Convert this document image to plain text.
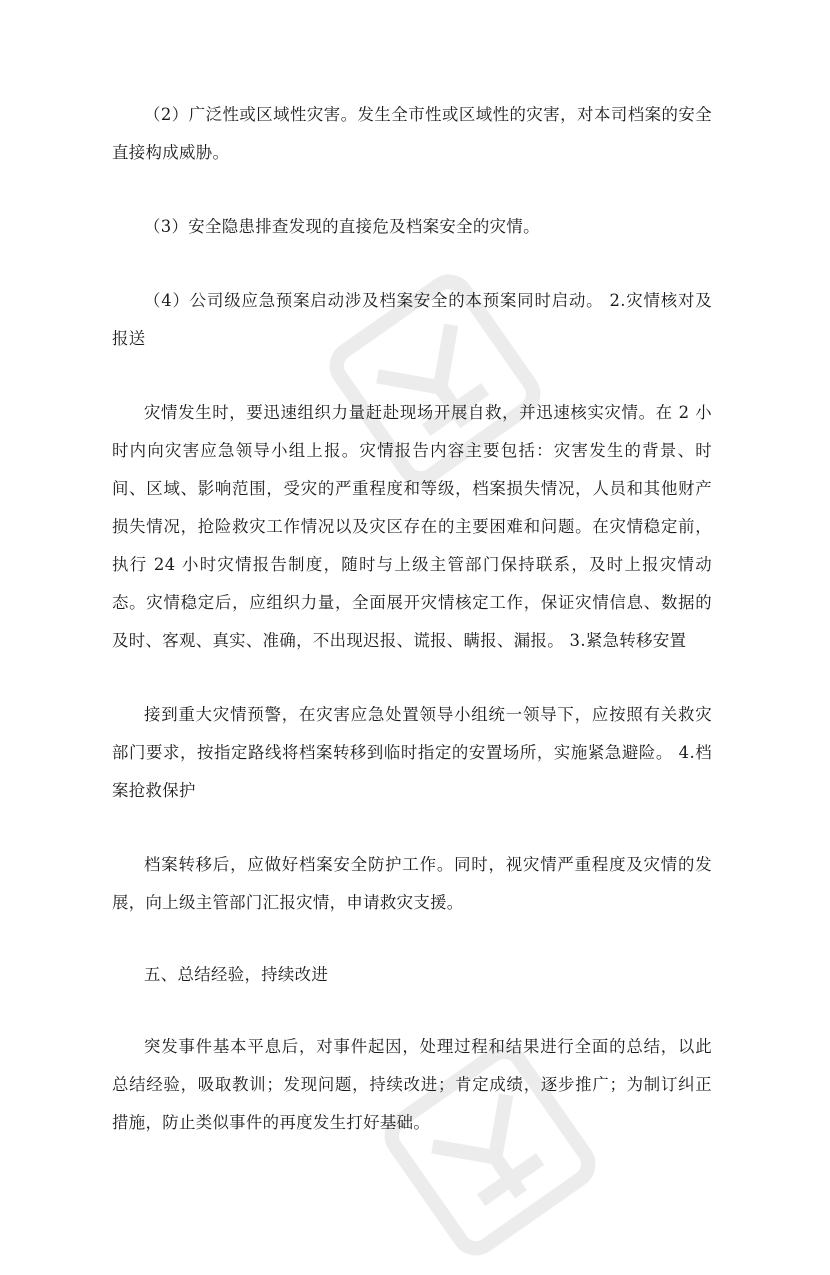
（2）广泛性或区域性灾害。发生全市性或区域性的灾害，对本司档案的安全直接构成威胁。

（3）安全隐患排查发现的直接危及档案安全的灾情。

（4）公司级应急预案启动涉及档案安全的本预案同时启动。 2.灾情核对及报送

灾情发生时，要迅速组织力量赶赴现场开展自救，并迅速核实灾情。在 2 小时内向灾害应急领导小组上报。灾情报告内容主要包括：灾害发生的背景、时间、区域、影响范围，受灾的严重程度和等级，档案损失情况，人员和其他财产损失情况，抢险救灾工作情况以及灾区存在的主要困难和问题。在灾情稳定前，执行 24 小时灾情报告制度，随时与上级主管部门保持联系，及时上报灾情动态。灾情稳定后，应组织力量，全面展开灾情核定工作，保证灾情信息、数据的及时、客观、真实、准确，不出现迟报、谎报、瞒报、漏报。 3.紧急转移安置

接到重大灾情预警，在灾害应急处置领导小组统一领导下，应按照有关救灾部门要求，按指定路线将档案转移到临时指定的安置场所，实施紧急避险。 4.档案抢救保护

档案转移后，应做好档案安全防护工作。同时，视灾情严重程度及灾情的发展，向上级主管部门汇报灾情，申请救灾支援。

五、总结经验，持续改进

突发事件基本平息后，对事件起因，处理过程和结果进行全面的总结，以此总结经验，吸取教训；发现问题，持续改进；肯定成绩，逐步推广；为制订纠正措施，防止类似事件的再度发生打好基础。
